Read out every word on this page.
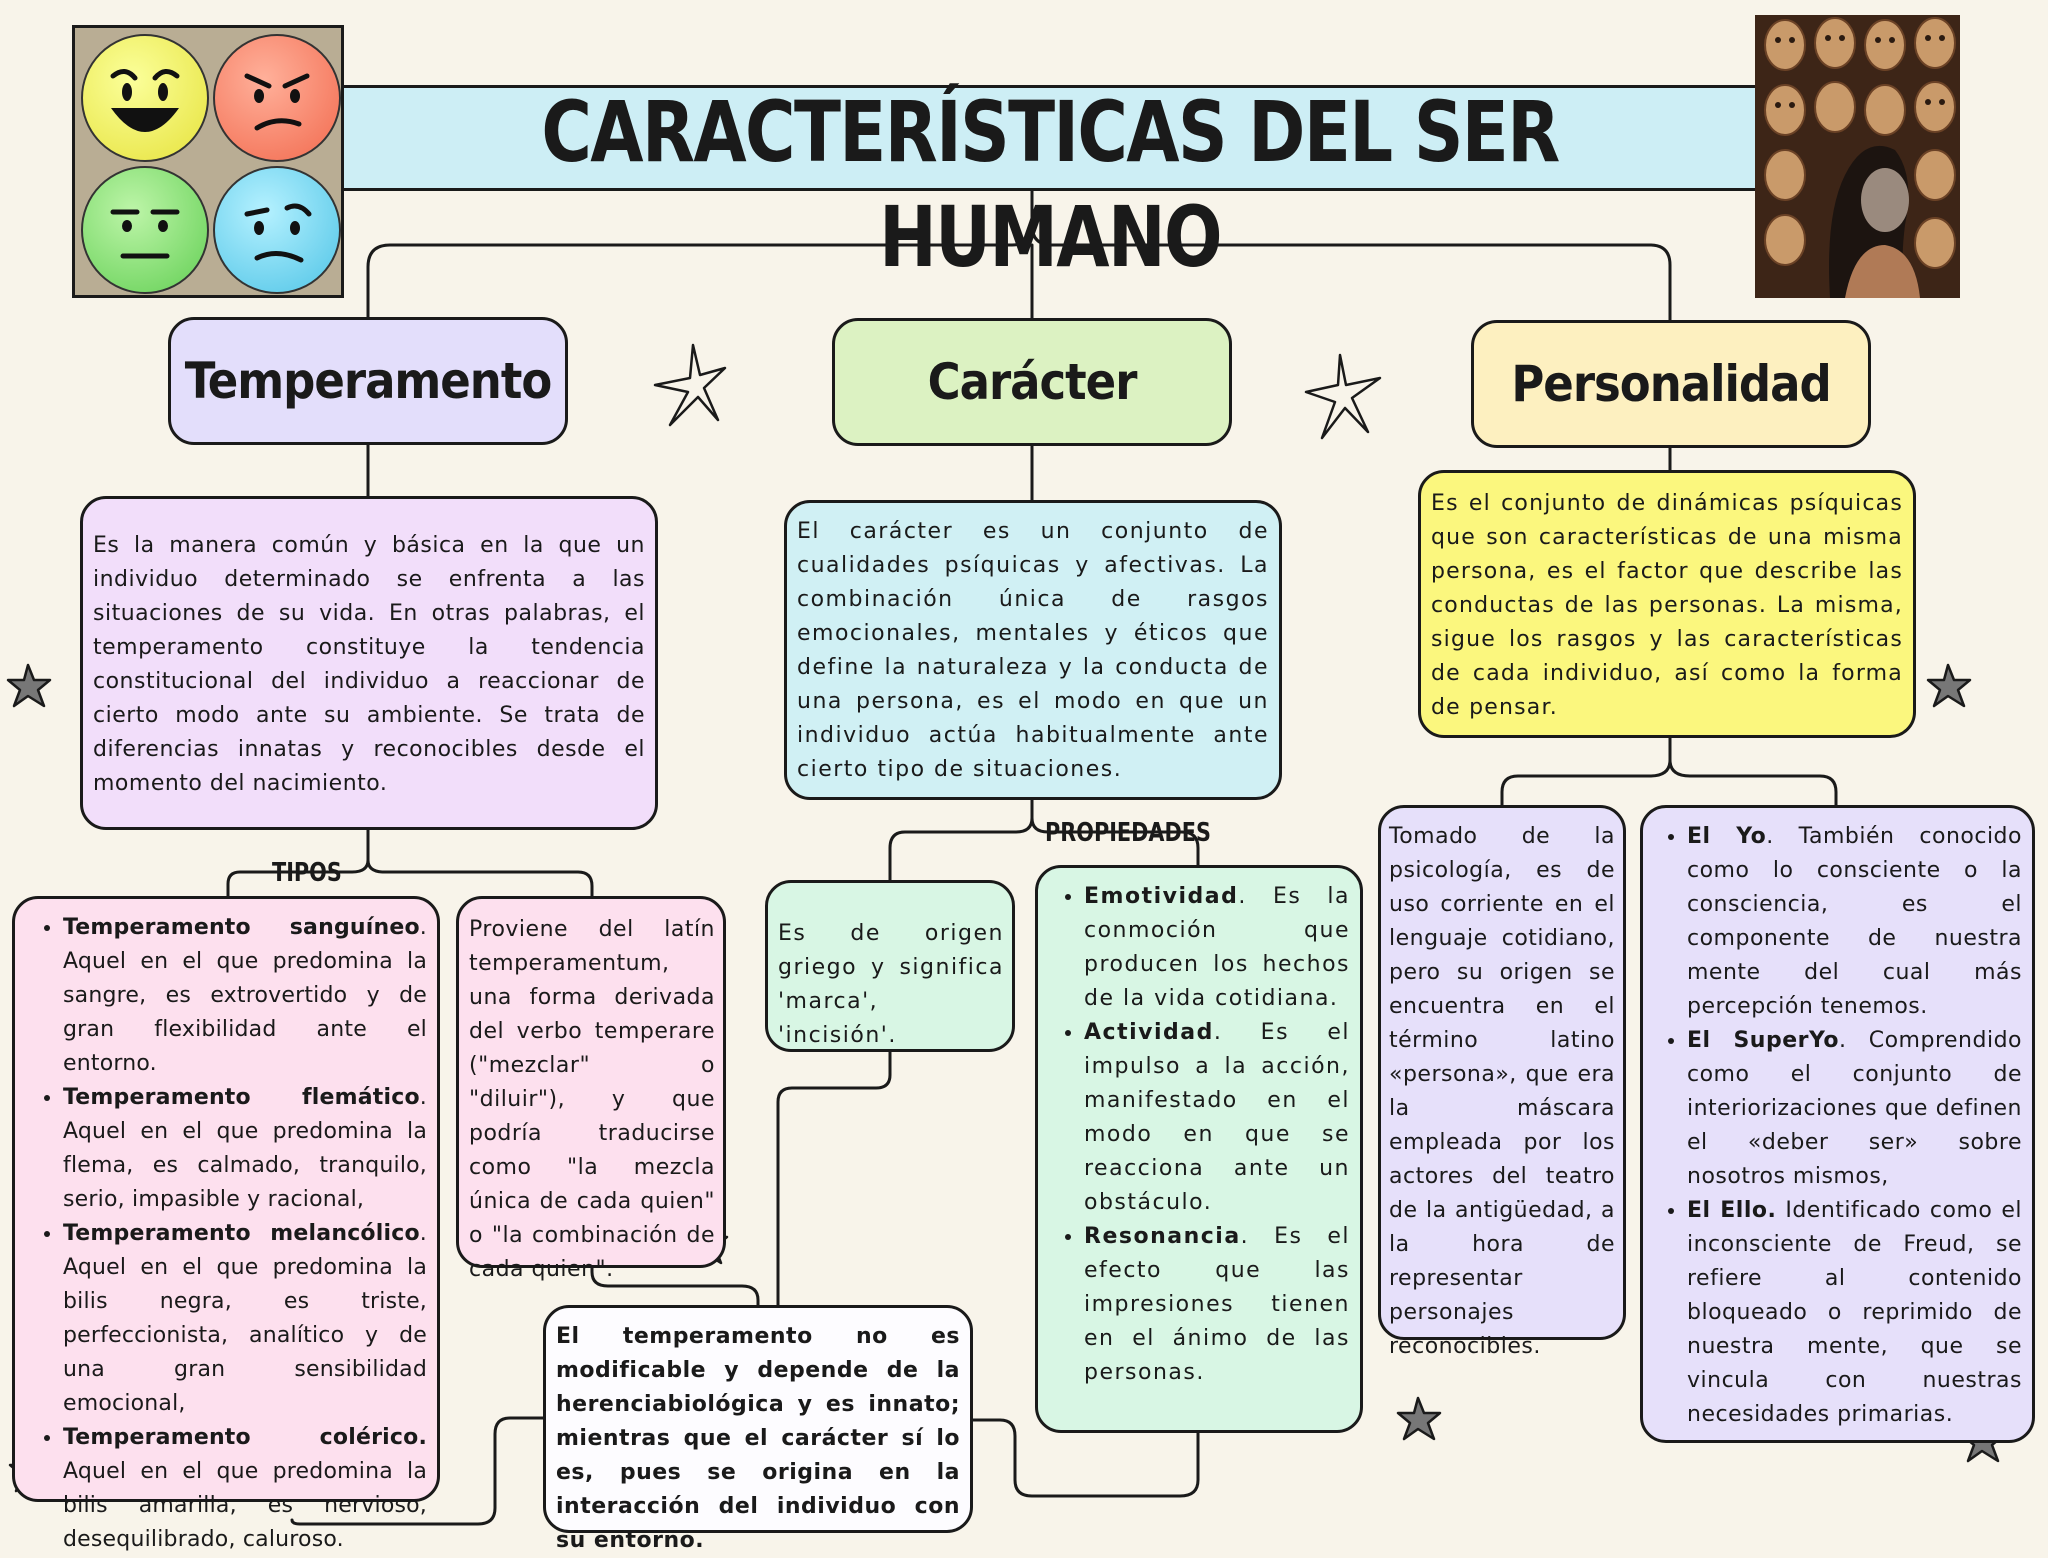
CARACTERÍSTICAS DEL SER HUMANO
Temperamento	Carácter	Personalidad

Es la manera común y básica en la que un individuo determinado se enfrenta a las situaciones de su vida. En otras palabras, el temperamento constituye la tendencia constitucional del individuo a reaccionar de cierto modo ante su ambiente. Se trata de diferencias innatas y reconocibles desde el momento del nacimiento.

El carácter es un conjunto de cualidades psíquicas y afectivas. La combinación única de rasgos emocionales, mentales y éticos que define la naturaleza y la conducta de una persona, es el modo en que un individuo actúa habitualmente ante cierto tipo de situaciones.

Es el conjunto de dinámicas psíquicas que son características de una misma persona, es el factor que describe las conductas de las personas. La misma, sigue los rasgos y las características de cada individuo, así como la forma de pensar.

TIPOS
PROPIEDADES
• Temperamento sanguíneo. Aquel en el que predomina la sangre, es extrovertido y de gran flexibilidad ante el entorno.
• Temperamento flemático. Aquel en el que predomina la flema, es calmado, tranquilo, serio, impasible y racional,
• Temperamento melancólico. Aquel en el que predomina la bilis negra, es triste, perfeccionista, analítico y de una gran sensibilidad emocional,
• Temperamento colérico. Aquel en el que predomina la bilis amarilla, es nervioso, desequilibrado, caluroso.

Proviene del latín temperamentum, una forma derivada del verbo temperare ("mezclar" o "diluir"), y que podría traducirse como "la mezcla única de cada quien" o "la combinación de cada quien".

Es de origen griego y significa 'marca', 'incisión'.

• Emotividad. Es la conmoción que producen los hechos de la vida cotidiana.
• Actividad. Es el impulso a la acción, manifestado en el modo en que se reacciona ante un obstáculo.
• Resonancia. Es el efecto que las impresiones tienen en el ánimo de las personas.

Tomado de la psicología, es de uso corriente en el lenguaje cotidiano, pero su origen se encuentra en el término latino «persona», que era la máscara empleada por los actores del teatro de la antigüedad, a la hora de representar personajes reconocibles.

• El Yo. También conocido como lo consciente o la consciencia, es el componente de nuestra mente del cual más percepción tenemos.
• El SuperYo. Comprendido como el conjunto de interiorizaciones que definen el «deber ser» sobre nosotros mismos,
• El Ello. Identificado como el inconsciente de Freud, se refiere al contenido bloqueado o reprimido de nuestra mente, que se vincula con nuestras necesidades primarias.

El temperamento no es modificable y depende de la herenciabiológica y es innato; mientras que el carácter sí lo es, pues se origina en la interacción del individuo con su entorno.
